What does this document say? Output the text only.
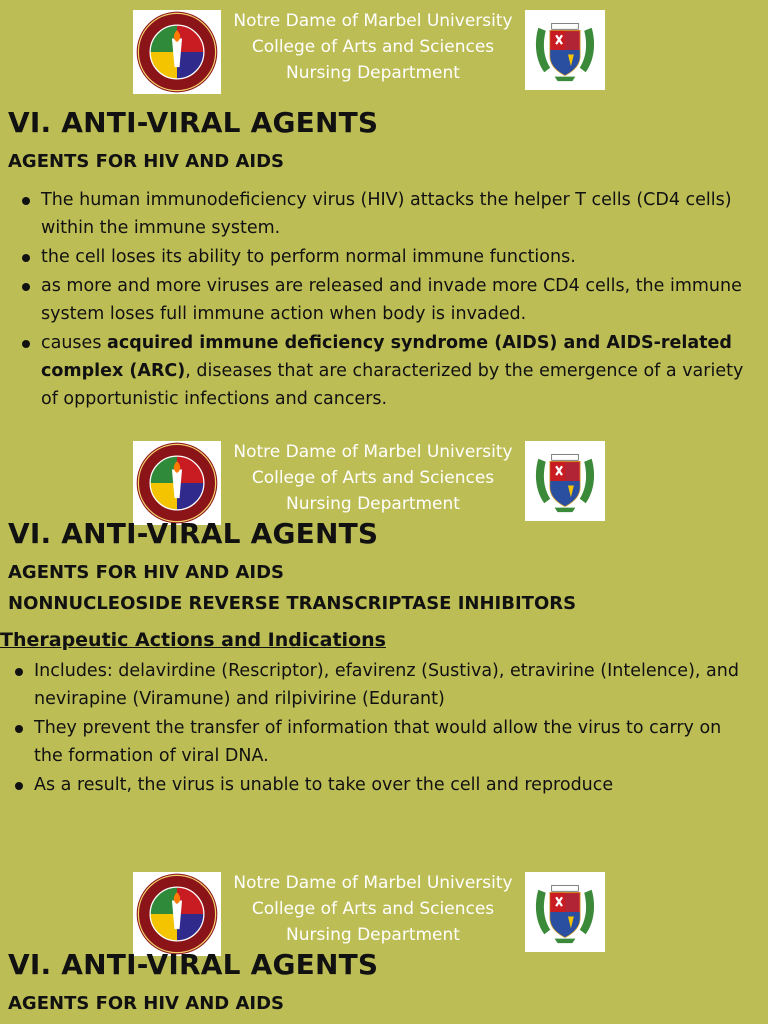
Notre Dame of Marbel University
College of Arts and Sciences
Nursing Department
VI. ANTI-VIRAL AGENTS
AGENTS FOR HIV AND AIDS
The human immunodeficiency virus (HIV) attacks the helper T cells (CD4 cells) within the immune system.
the cell loses its ability to perform normal immune functions.
as more and more viruses are released and invade more CD4 cells, the immune system loses full immune action when body is invaded.
causes acquired immune deficiency syndrome (AIDS) and AIDS-related complex (ARC), diseases that are characterized by the emergence of a variety of opportunistic infections and cancers.
Notre Dame of Marbel University
College of Arts and Sciences
Nursing Department
VI. ANTI-VIRAL AGENTS
AGENTS FOR HIV AND AIDS
NONNUCLEOSIDE REVERSE TRANSCRIPTASE INHIBITORS
Therapeutic Actions and Indications
Includes: delavirdine (Rescriptor), efavirenz (Sustiva), etravirine (Intelence), and nevirapine (Viramune) and rilpivirine (Edurant)
They prevent the transfer of information that would allow the virus to carry on the formation of viral DNA.
As a result, the virus is unable to take over the cell and reproduce
Notre Dame of Marbel University
College of Arts and Sciences
Nursing Department
VI. ANTI-VIRAL AGENTS
AGENTS FOR HIV AND AIDS
